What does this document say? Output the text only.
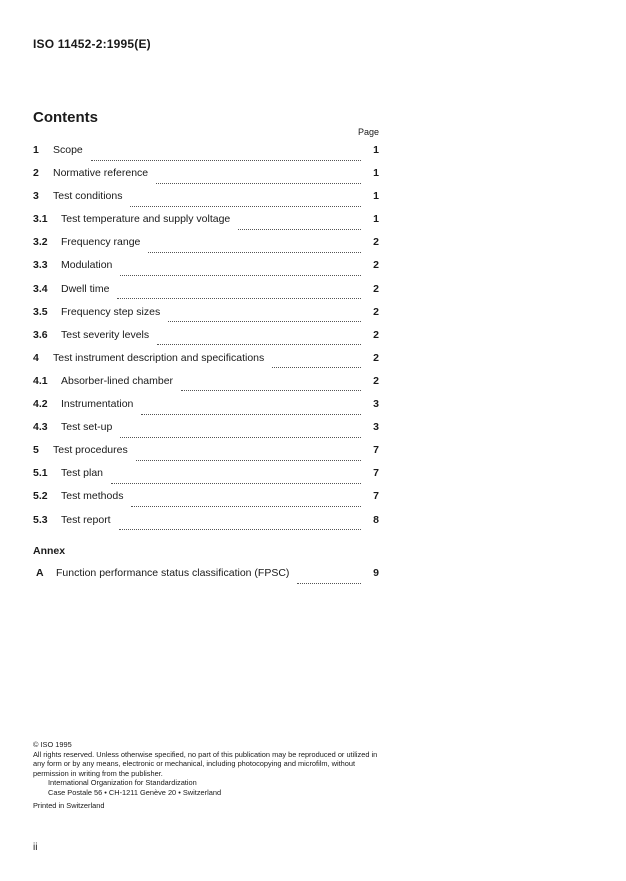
ISO 11452-2:1995(E)
Contents
Page
1	Scope	1
2	Normative reference	1
3	Test conditions	1
3.1	Test temperature and supply voltage	1
3.2	Frequency range	2
3.3	Modulation	2
3.4	Dwell time	2
3.5	Frequency step sizes	2
3.6	Test severity levels	2
4	Test instrument description and specifications	2
4.1	Absorber-lined chamber	2
4.2	Instrumentation	3
4.3	Test set-up	3
5	Test procedures	7
5.1	Test plan	7
5.2	Test methods	7
5.3	Test report	8
Annex
A	Function performance status classification (FPSC)	9
© ISO 1995
All rights reserved. Unless otherwise specified, no part of this publication may be reproduced or utilized in any form or by any means, electronic or mechanical, including photocopying and microfilm, without permission in writing from the publisher.
International Organization for Standardization
Case Postale 56 • CH-1211 Genève 20 • Switzerland
Printed in Switzerland
ii
